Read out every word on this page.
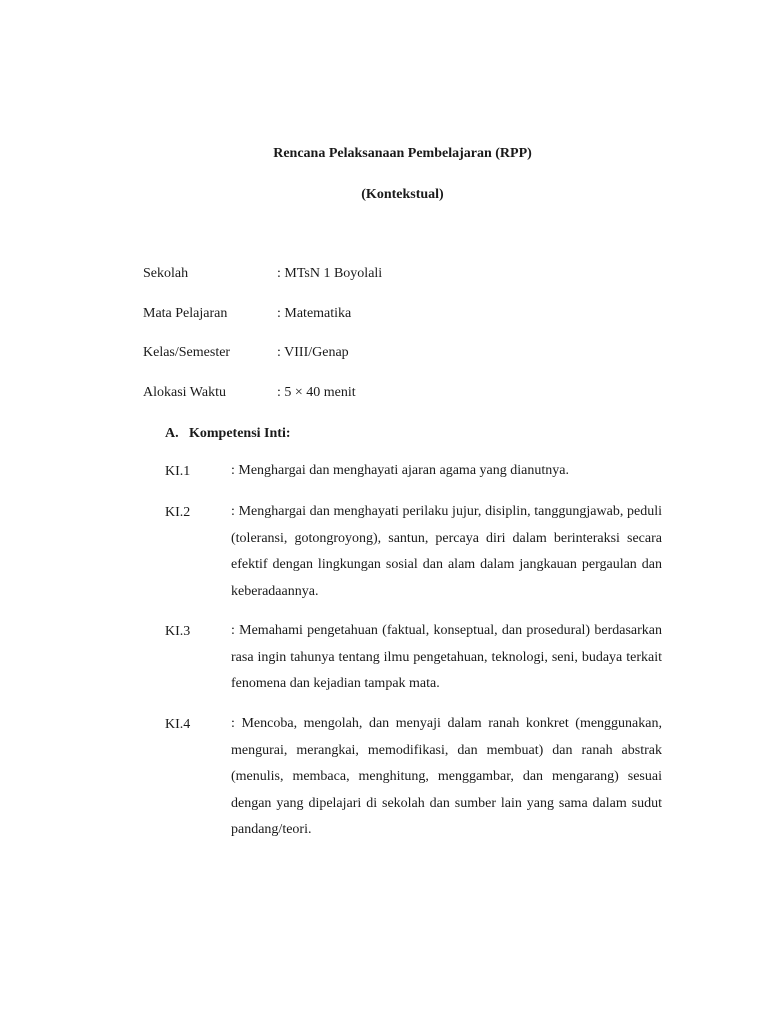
Rencana Pelaksanaan Pembelajaran (RPP)
(Kontekstual)
Sekolah	: MTsN 1 Boyolali
Mata Pelajaran	: Matematika
Kelas/Semester	: VIII/Genap
Alokasi Waktu	: 5 × 40 menit
A. Kompetensi Inti:
KI.1	: Menghargai dan menghayati ajaran agama yang dianutnya.
KI.2	: Menghargai dan menghayati perilaku jujur, disiplin, tanggungjawab, peduli (toleransi, gotongroyong), santun, percaya diri dalam berinteraksi secara efektif dengan lingkungan sosial dan alam dalam jangkauan pergaulan dan keberadaannya.
KI.3	: Memahami pengetahuan (faktual, konseptual, dan prosedural) berdasarkan rasa ingin tahunya tentang ilmu pengetahuan, teknologi, seni, budaya terkait fenomena dan kejadian tampak mata.
KI.4	: Mencoba, mengolah, dan menyaji dalam ranah konkret (menggunakan, mengurai, merangkai, memodifikasi, dan membuat) dan ranah abstrak (menulis, membaca, menghitung, menggambar, dan mengarang) sesuai dengan yang dipelajari di sekolah dan sumber lain yang sama dalam sudut pandang/teori.
